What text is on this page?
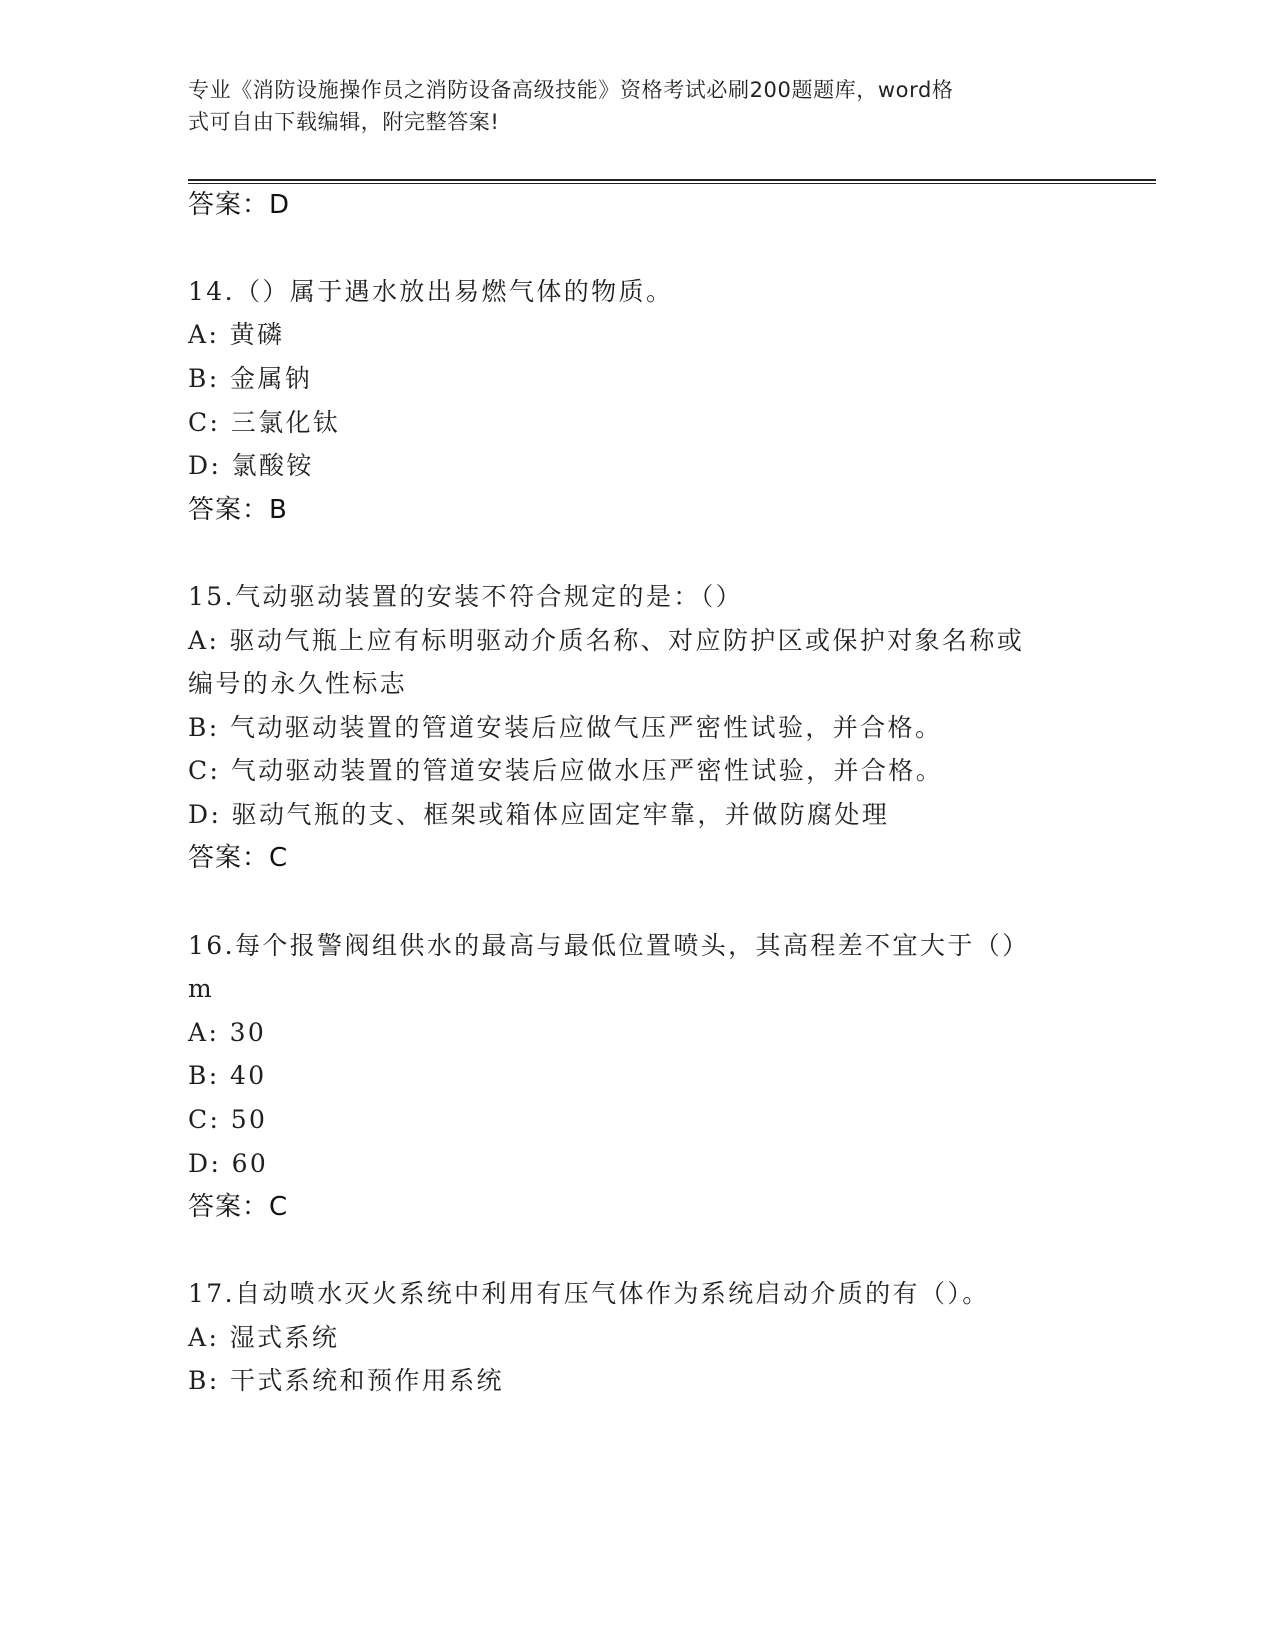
专业《消防设施操作员之消防设备高级技能》资格考试必刷200题题库，word格
式可自由下载编辑，附完整答案!
答案：D
14.（）属于遇水放出易燃气体的物质。
A: 黄磷
B: 金属钠
C: 三氯化钛
D: 氯酸铵
答案：B
15.气动驱动装置的安装不符合规定的是：（）
A: 驱动气瓶上应有标明驱动介质名称、对应防护区或保护对象名称或
编号的永久性标志
B: 气动驱动装置的管道安装后应做气压严密性试验，并合格。
C: 气动驱动装置的管道安装后应做水压严密性试验，并合格。
D: 驱动气瓶的支、框架或箱体应固定牢靠，并做防腐处理
答案：C
16.每个报警阀组供水的最高与最低位置喷头，其高程差不宜大于（）
m
A: 30
B: 40
C: 50
D: 60
答案：C
17.自动喷水灭火系统中利用有压气体作为系统启动介质的有（）。
A: 湿式系统
B: 干式系统和预作用系统
